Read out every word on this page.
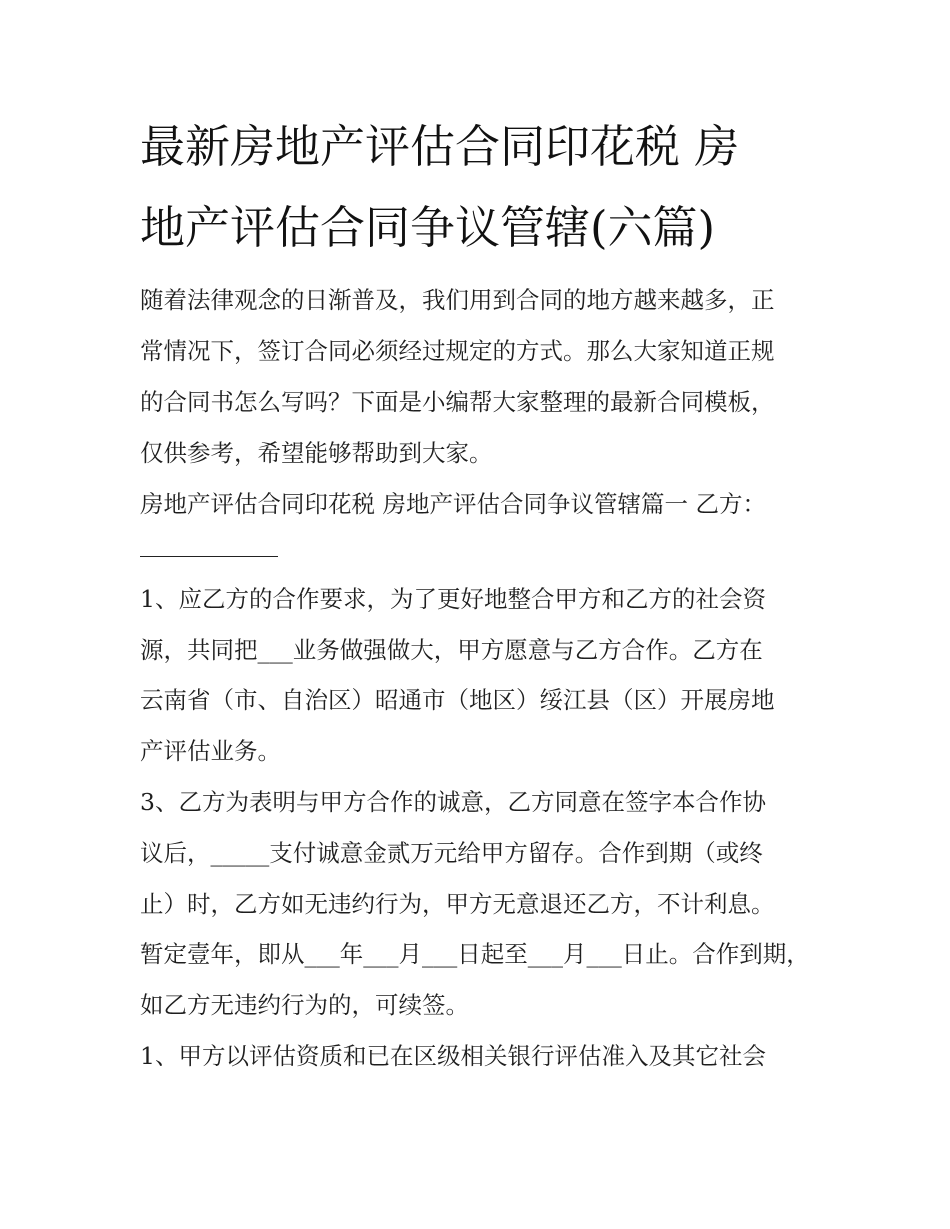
最新房地产评估合同印花税 房
地产评估合同争议管辖(六篇)
随着法律观念的日渐普及，我们用到合同的地方越来越多，正
常情况下，签订合同必须经过规定的方式。那么大家知道正规
的合同书怎么写吗？下面是小编帮大家整理的最新合同模板，
仅供参考，希望能够帮助到大家。
房地产评估合同印花税 房地产评估合同争议管辖篇一 乙方：
1、应乙方的合作要求，为了更好地整合甲方和乙方的社会资
源，共同把___业务做强做大，甲方愿意与乙方合作。乙方在
云南省（市、自治区）昭通市（地区）绥江县（区）开展房地
产评估业务。
3、乙方为表明与甲方合作的诚意，乙方同意在签字本合作协
议后，_____支付诚意金贰万元给甲方留存。合作到期（或终
止）时，乙方如无违约行为，甲方无意退还乙方，不计利息。
暂定壹年，即从___年___月___日起至___月___日止。合作到期，
如乙方无违约行为的，可续签。
1、甲方以评估资质和已在区级相关银行评估准入及其它社会
